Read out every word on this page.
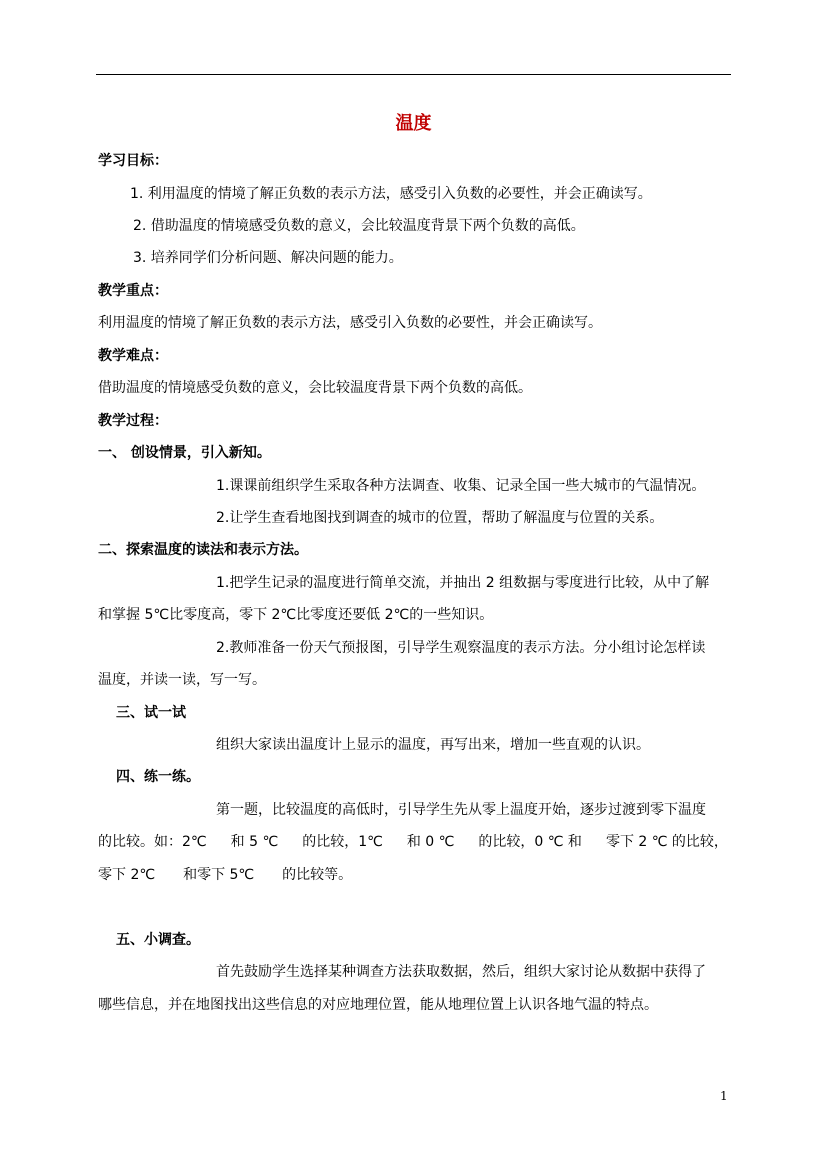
温度
学习目标：
1. 利用温度的情境了解正负数的表示方法，感受引入负数的必要性，并会正确读写。
2. 借助温度的情境感受负数的意义，会比较温度背景下两个负数的高低。
3. 培养同学们分析问题、解决问题的能力。
教学重点：
利用温度的情境了解正负数的表示方法，感受引入负数的必要性，并会正确读写。
教学难点：
借助温度的情境感受负数的意义，会比较温度背景下两个负数的高低。
教学过程：
一、 创设情景，引入新知。
1.课课前组织学生采取各种方法调查、收集、记录全国一些大城市的气温情况。
2.让学生查看地图找到调查的城市的位置，帮助了解温度与位置的关系。
二、探索温度的读法和表示方法。
1.把学生记录的温度进行简单交流，并抽出 2 组数据与零度进行比较，从中了解
和掌握 5℃比零度高，零下 2℃比零度还要低 2℃的一些知识。
2.教师准备一份天气预报图，引导学生观察温度的表示方法。分小组讨论怎样读
温度，并读一读，写一写。
三、试一试
组织大家读出温度计上显示的温度，再写出来，增加一些直观的认识。
四、练一练。
第一题，比较温度的高低时，引导学生先从零上温度开始，逐步过渡到零下温度
的比较。如：2℃ 和 5 ℃ 的比较，1℃ 和 0 ℃ 的比较，0 ℃ 和 零下 2 ℃ 的比较，
零下 2℃　　和零下 5℃　　的比较等。
五、小调查。
首先鼓励学生选择某种调查方法获取数据，然后，组织大家讨论从数据中获得了
哪些信息，并在地图找出这些信息的对应地理位置，能从地理位置上认识各地气温的特点。
1
